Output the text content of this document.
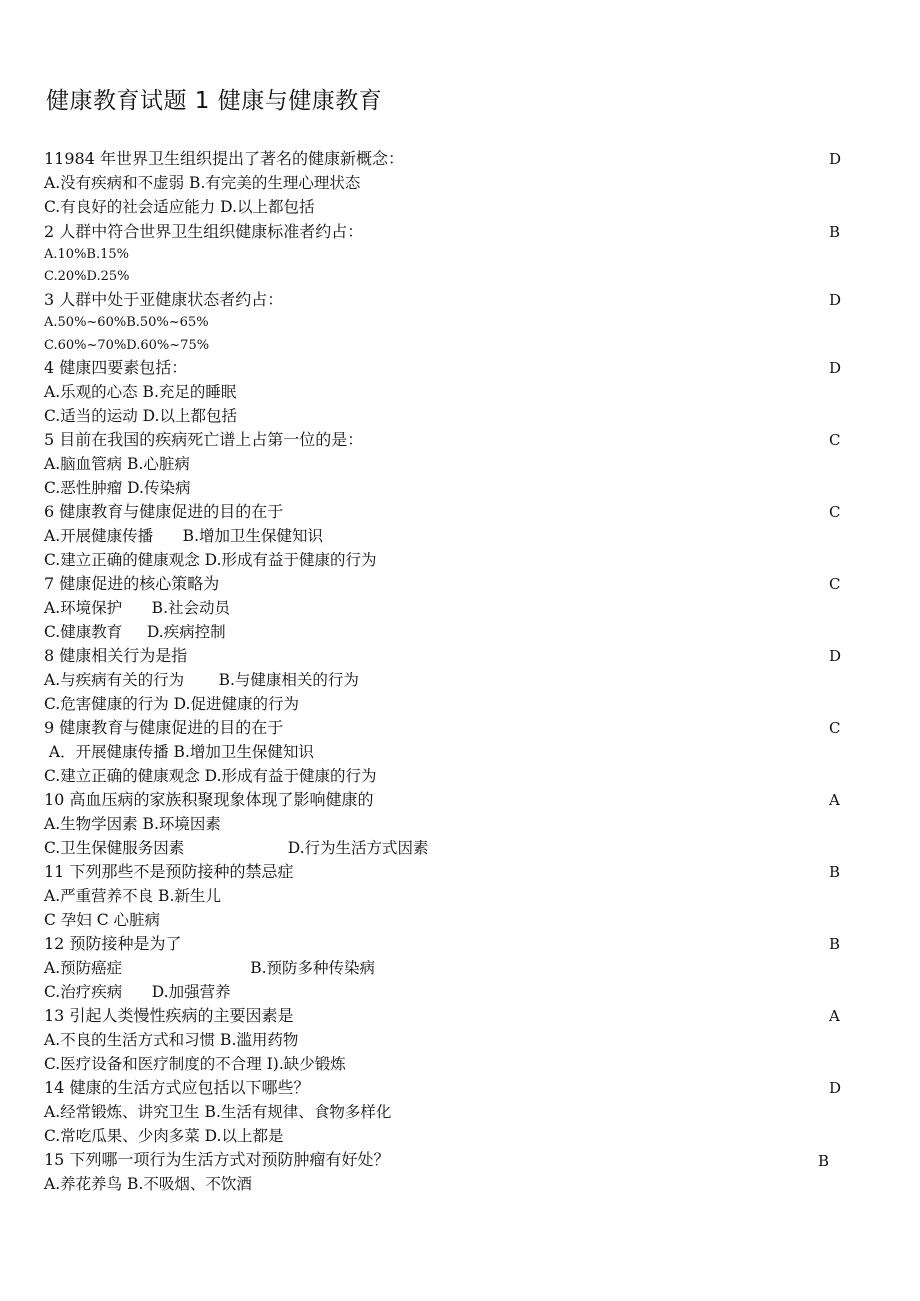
健康教育试题 1 健康与健康教育
11984 年世界卫生组织提出了著名的健康新概念：	D
A.没有疾病和不虚弱 B.有完美的生理心理状态
C.有良好的社会适应能力 D.以上都包括
2 人群中符合世界卫生组织健康标准者约占：	B
A.10%B.15%
C.20%D.25%
3 人群中处于亚健康状态者约占：	D
A.50%~60%B.50%~65%
C.60%~70%D.60%~75%
4 健康四要素包括：	D
A.乐观的心态 B.充足的睡眠
C.适当的运动 D.以上都包括
5 目前在我国的疾病死亡谱上占第一位的是：	C
A.脑血管病 B.心脏病
C.恶性肿瘤 D.传染病
6 健康教育与健康促进的目的在于	C
A.开展健康传播      B.增加卫生保健知识
C.建立正确的健康观念 D.形成有益于健康的行为
7 健康促进的核心策略为	C
A.环境保护      B.社会动员
C.健康教育     D.疾病控制
8 健康相关行为是指	D
A.与疾病有关的行为       B.与健康相关的行为
C.危害健康的行为 D.促进健康的行为
9 健康教育与健康促进的目的在于	C
A．开展健康传播 B.增加卫生保健知识
C.建立正确的健康观念 D.形成有益于健康的行为
10 高血压病的家族积聚现象体现了影响健康的	A
A.生物学因素 B.环境因素
C.卫生保健服务因素                     D.行为生活方式因素
11 下列那些不是预防接种的禁忌症	B
A.严重营养不良 B.新生儿
C 孕妇 C 心脏病
12 预防接种是为了	B
A.预防癌症                          B.预防多种传染病
C.治疗疾病      D.加强营养
13 引起人类慢性疾病的主要因素是	A
A.不良的生活方式和习惯 B.滥用药物
C.医疗设备和医疗制度的不合理 I).缺少锻炼
14 健康的生活方式应包括以下哪些？	D
A.经常锻炼、讲究卫生 B.生活有规律、食物多样化
C.常吃瓜果、少肉多菜 D.以上都是
15 下列哪一项行为生活方式对预防肿瘤有好处？	B
A.养花养鸟 B.不吸烟、不饮酒
